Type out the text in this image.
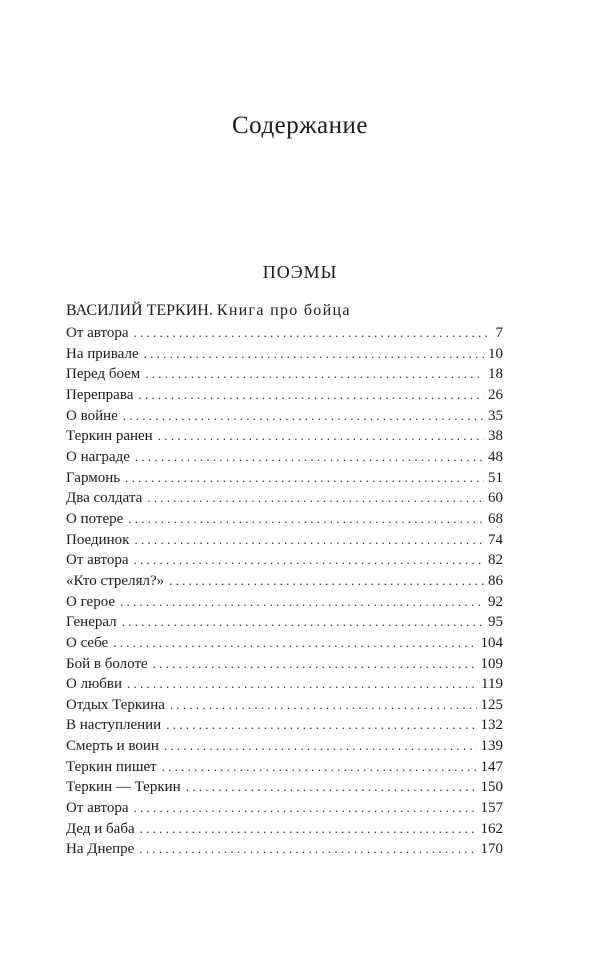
Содержание
ПОЭМЫ
ВАСИЛИЙ ТЕРКИН. Книга про бойца
От автора . . .	7
На привале . . .	10
Перед боем . . .	18
Переправа . . .	26
О войне . . .	35
Теркин ранен . . .	38
О награде . . .	48
Гармонь . . .	51
Два солдата . . .	60
О потере . . .	68
Поединок . . .	74
От автора . . .	82
«Кто стрелял?» . . .	86
О герое . . .	92
Генерал . . .	95
О себе . . .	104
Бой в болоте . . .	109
О любви . . .	119
Отдых Теркина . . .	125
В наступлении . . .	132
Смерть и воин . . .	139
Теркин пишет . . .	147
Теркин — Теркин . . .	150
От автора . . .	157
Дед и баба . . .	162
На Днепре . . .	170
